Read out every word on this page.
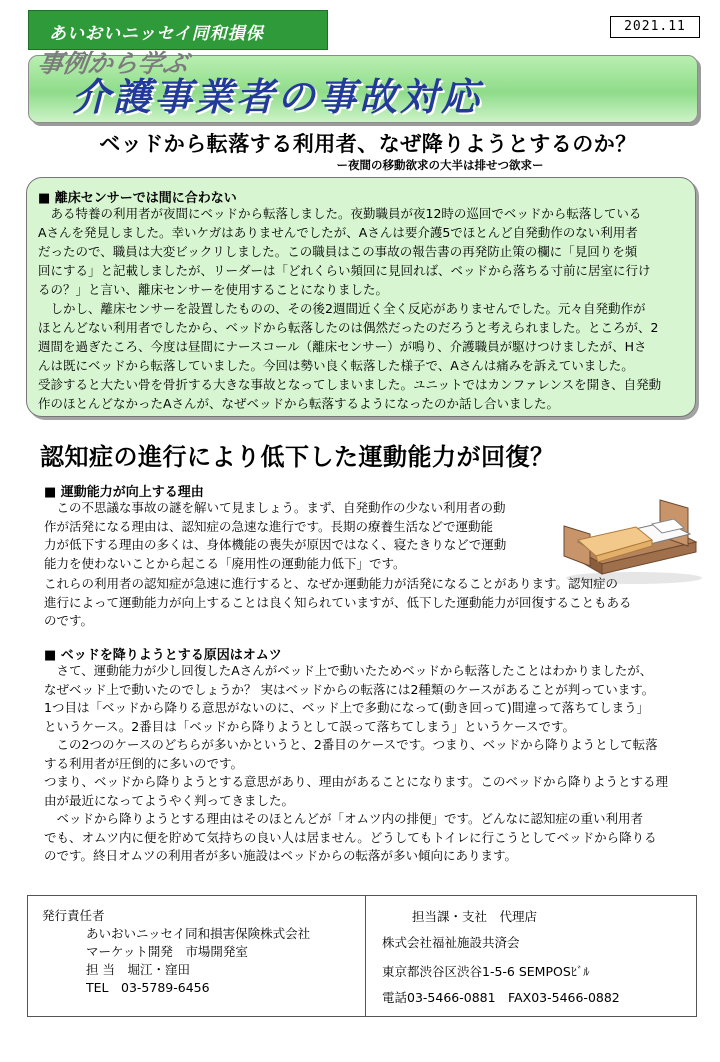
あいおいニッセイ同和損保	2021.11
事例から学ぶ
介護事業者の事故対応
ベッドから転落する利用者、なぜ降りようとするのか？
ー夜間の移動欲求の大半は排せつ欲求ー
■ 離床センサーでは間に合わない
　ある特養の利用者が夜間にベッドから転落しました。夜勤職員が夜12時の巡回でベッドから転落している
Aさんを発見しました。幸いケガはありませんでしたが、Aさんは要介護5でほとんど自発動作のない利用者
だったので、職員は大変ビックリしました。この職員はこの事故の報告書の再発防止策の欄に「見回りを頻
回にする」と記載しましたが、リーダーは「どれくらい頻回に見回れば、ベッドから落ちる寸前に居室に行け
るの？」と言い、離床センサーを使用することになりました。
　しかし、離床センサーを設置したものの、その後2週間近く全く反応がありませんでした。元々自発動作が
ほとんどない利用者でしたから、ベッドから転落したのは偶然だったのだろうと考えられました。ところが、2
週間を過ぎたころ、今度は昼間にナースコール（離床センサー）が鳴り、介護職員が駆けつけましたが、Hさ
んは既にベッドから転落していました。今回は勢い良く転落した様子で、Aさんは痛みを訴えていました。
受診すると大たい骨を骨折する大きな事故となってしまいました。ユニットではカンファレンスを開き、自発動
作のほとんどなかったAさんが、なぜベッドから転落するようになったのか話し合いました。
認知症の進行により低下した運動能力が回復？
■ 運動能力が向上する理由
　この不思議な事故の謎を解いて見ましょう。まず、自発動作の少ない利用者の動
作が活発になる理由は、認知症の急速な進行です。長期の療養生活などで運動能
力が低下する理由の多くは、身体機能の喪失が原因ではなく、寝たきりなどで運動
能力を使わないことから起こる「廃用性の運動能力低下」です。
これらの利用者の認知症が急速に進行すると、なぜか運動能力が活発になることがあります。認知症の
進行によって運動能力が向上することは良く知られていますが、低下した運動能力が回復することもある
のです。
■ ベッドを降りようとする原因はオムツ
　さて、運動能力が少し回復したAさんがベッド上で動いたためベッドから転落したことはわかりましたが、
なぜベッド上で動いたのでしょうか？ 実はベッドからの転落には2種類のケースがあることが判っています。
1つ目は「ベッドから降りる意思がないのに、ベッド上で多動になって(動き回って)間違って落ちてしまう」
というケース。2番目は「ベッドから降りようとして誤って落ちてしまう」というケースです。
　この2つのケースのどちらが多いかというと、2番目のケースです。つまり、ベッドから降りようとして転落
する利用者が圧倒的に多いのです。
つまり、ベッドから降りようとする意思があり、理由があることになります。このベッドから降りようとする理
由が最近になってようやく判ってきました。
　ベッドから降りようとする理由はそのほとんどが「オムツ内の排便」です。どんなに認知症の重い利用者
でも、オムツ内に便を貯めて気持ちの良い人は居ません。どうしてもトイレに行こうとしてベッドから降りる
のです。終日オムツの利用者が多い施設はベッドからの転落が多い傾向にあります。
発行責任者
あいおいニッセイ同和損害保険株式会社
マーケット開発　市場開発室
担 当　堀江・窪田
TEL　03-5789-6456
担当課・支社　代理店
株式会社福祉施設共済会
東京都渋谷区渋谷1-5-6 SEMPOSﾋﾞﾙ
電話03-5466-0881　FAX03-5466-0882
